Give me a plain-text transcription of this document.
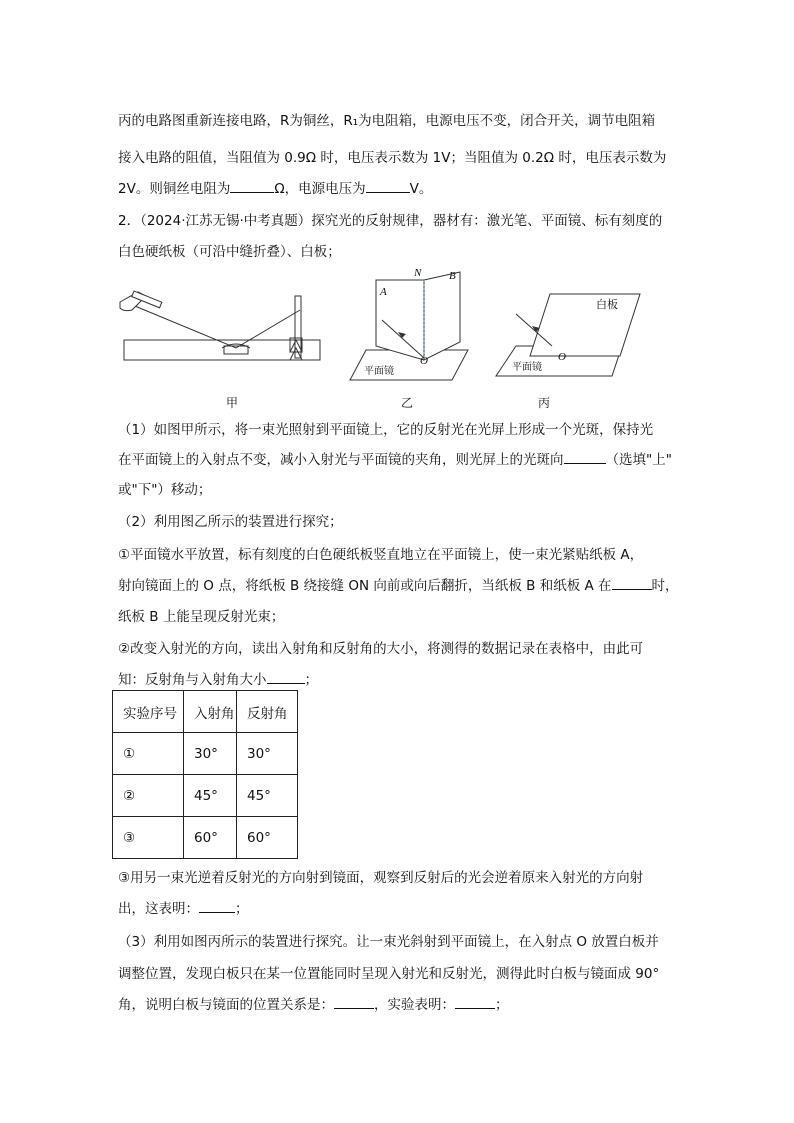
丙的电路图重新连接电路，R为铜丝，R₁为电阻箱，电源电压不变，闭合开关，调节电阻箱
接入电路的阻值，当阻值为 0.9Ω 时，电压表示数为 1V；当阻值为 0.2Ω 时，电压表示数为
2V。则铜丝电阻为	Ω，电源电压为	V。
2．（2024·江苏无锡·中考真题）探究光的反射规律，器材有：激光笔、平面镜、标有刻度的
白色硬纸板（可沿中缝折叠）、白板；
甲
N	B
A
O
平面镜
乙
白板
O
平面镜
丙
（1）如图甲所示，将一束光照射到平面镜上，它的反射光在光屏上形成一个光斑，保持光
在平面镜上的入射点不变，减小入射光与平面镜的夹角，则光屏上的光斑向	（选填"上"
或"下"）移动；
（2）利用图乙所示的装置进行探究；
①平面镜水平放置，标有刻度的白色硬纸板竖直地立在平面镜上，使一束光紧贴纸板 A，
射向镜面上的 O 点，将纸板 B 绕接缝 ON 向前或向后翻折，当纸板 B 和纸板 A 在	时，
纸板 B 上能呈现反射光束；
②改变入射光的方向，读出入射角和反射角的大小，将测得的数据记录在表格中，由此可
知：反射角与入射角大小	；
实验序号	入射角	反射角
①	30°	30°
②	45°	45°
③	60°	60°
③用另一束光逆着反射光的方向射到镜面，观察到反射后的光会逆着原来入射光的方向射
出，这表明：	；
（3）利用如图丙所示的装置进行探究。让一束光斜射到平面镜上，在入射点 O 放置白板并
调整位置，发现白板只在某一位置能同时呈现入射光和反射光，测得此时白板与镜面成 90°
角，说明白板与镜面的位置关系是：	，实验表明：	；
